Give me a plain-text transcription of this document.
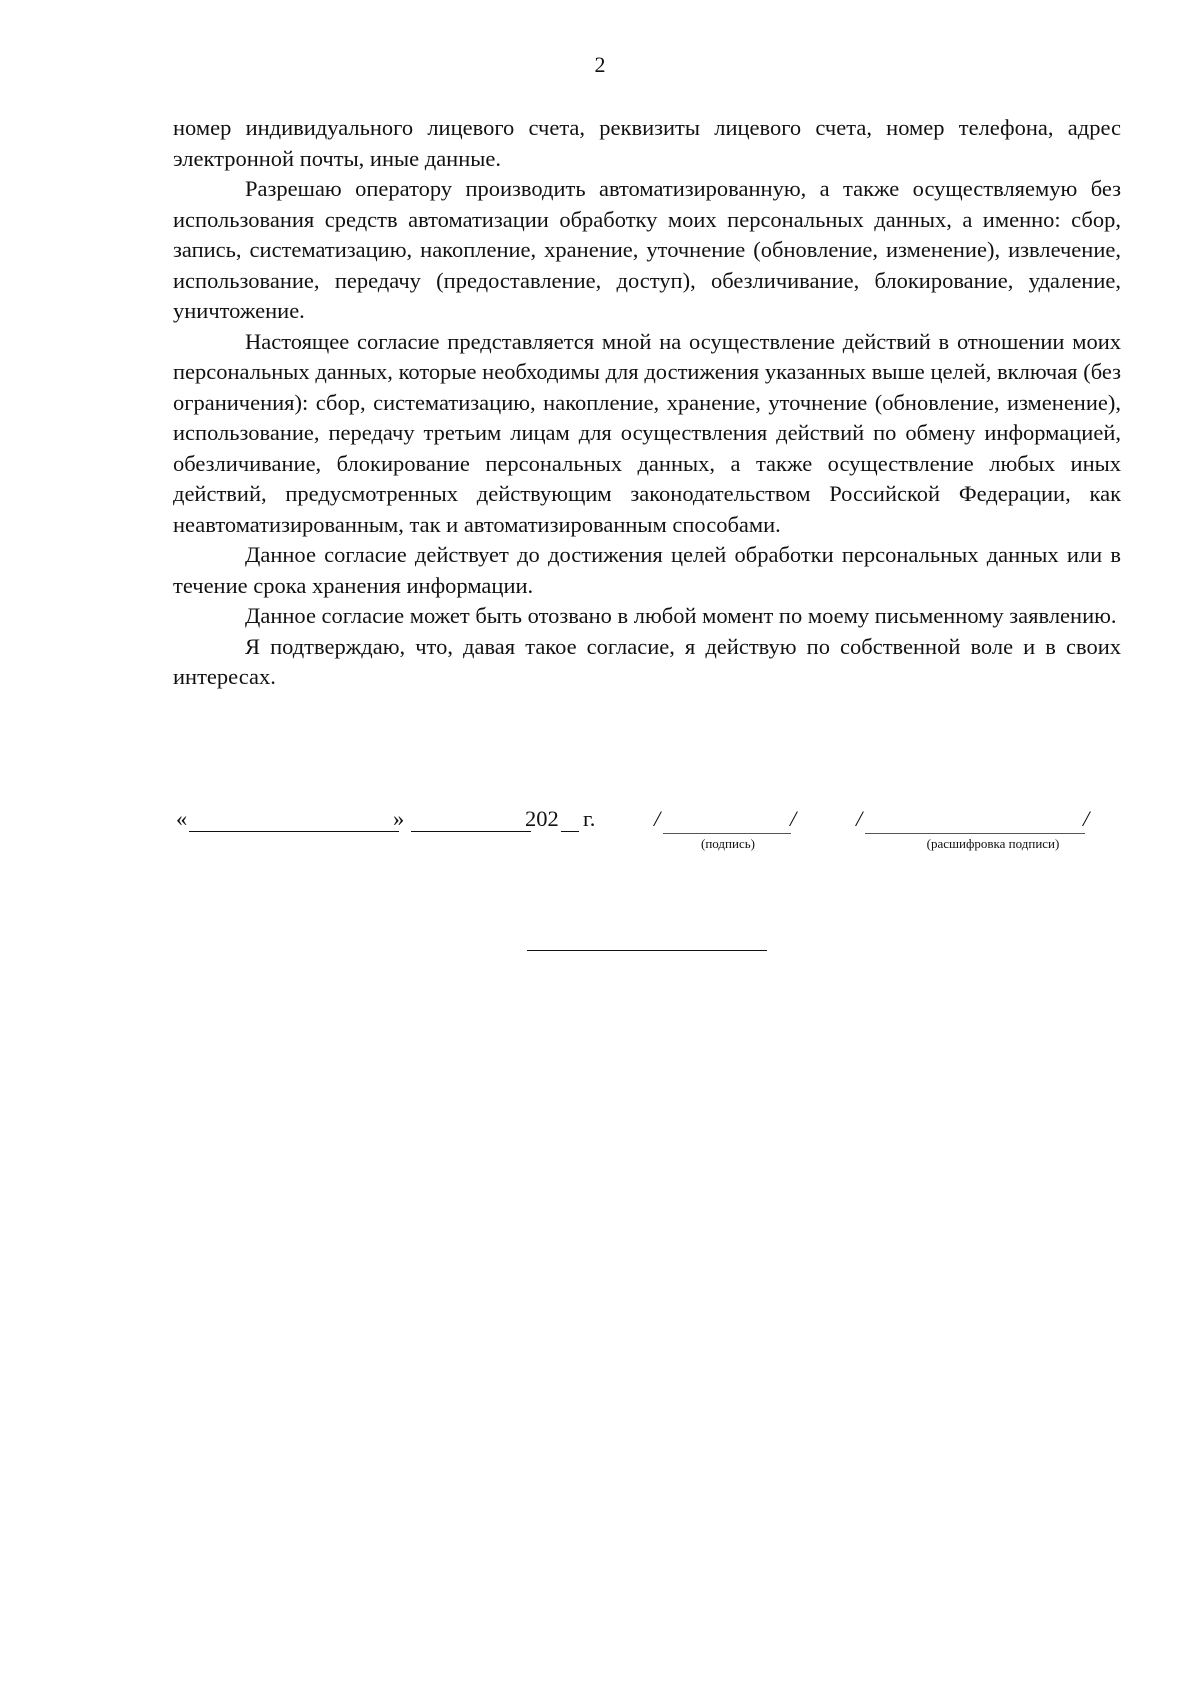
2

номер индивидуального лицевого счета, реквизиты лицевого счета, номер телефона, адрес электронной почты, иные данные.

Разрешаю оператору производить автоматизированную, а также осуществляемую без использования средств автоматизации обработку моих персональных данных, а именно: сбор, запись, систематизацию, накопление, хранение, уточнение (обновление, изменение), извлечение, использование, передачу (предоставление, доступ), обезличивание, блокирование, удаление, уничтожение.

Настоящее согласие представляется мной на осуществление действий в отношении моих персональных данных, которые необходимы для достижения указанных выше целей, включая (без ограничения): сбор, систематизацию, накопление, хранение, уточнение (обновление, изменение), использование, передачу третьим лицам для осуществления действий по обмену информацией, обезличивание, блокирование персональных данных, а также осуществление любых иных действий, предусмотренных действующим законодательством Российской Федерации, как неавтоматизированным, так и автоматизированным способами.

Данное согласие действует до достижения целей обработки персональных данных или в течение срока хранения информации.

Данное согласие может быть отозвано в любой момент по моему письменному заявлению.

Я подтверждаю, что, давая такое согласие, я действую по собственной воле и в своих интересах.

«	»	202 г.	/	/
(подпись)
/	/
(расшифровка подписи)
